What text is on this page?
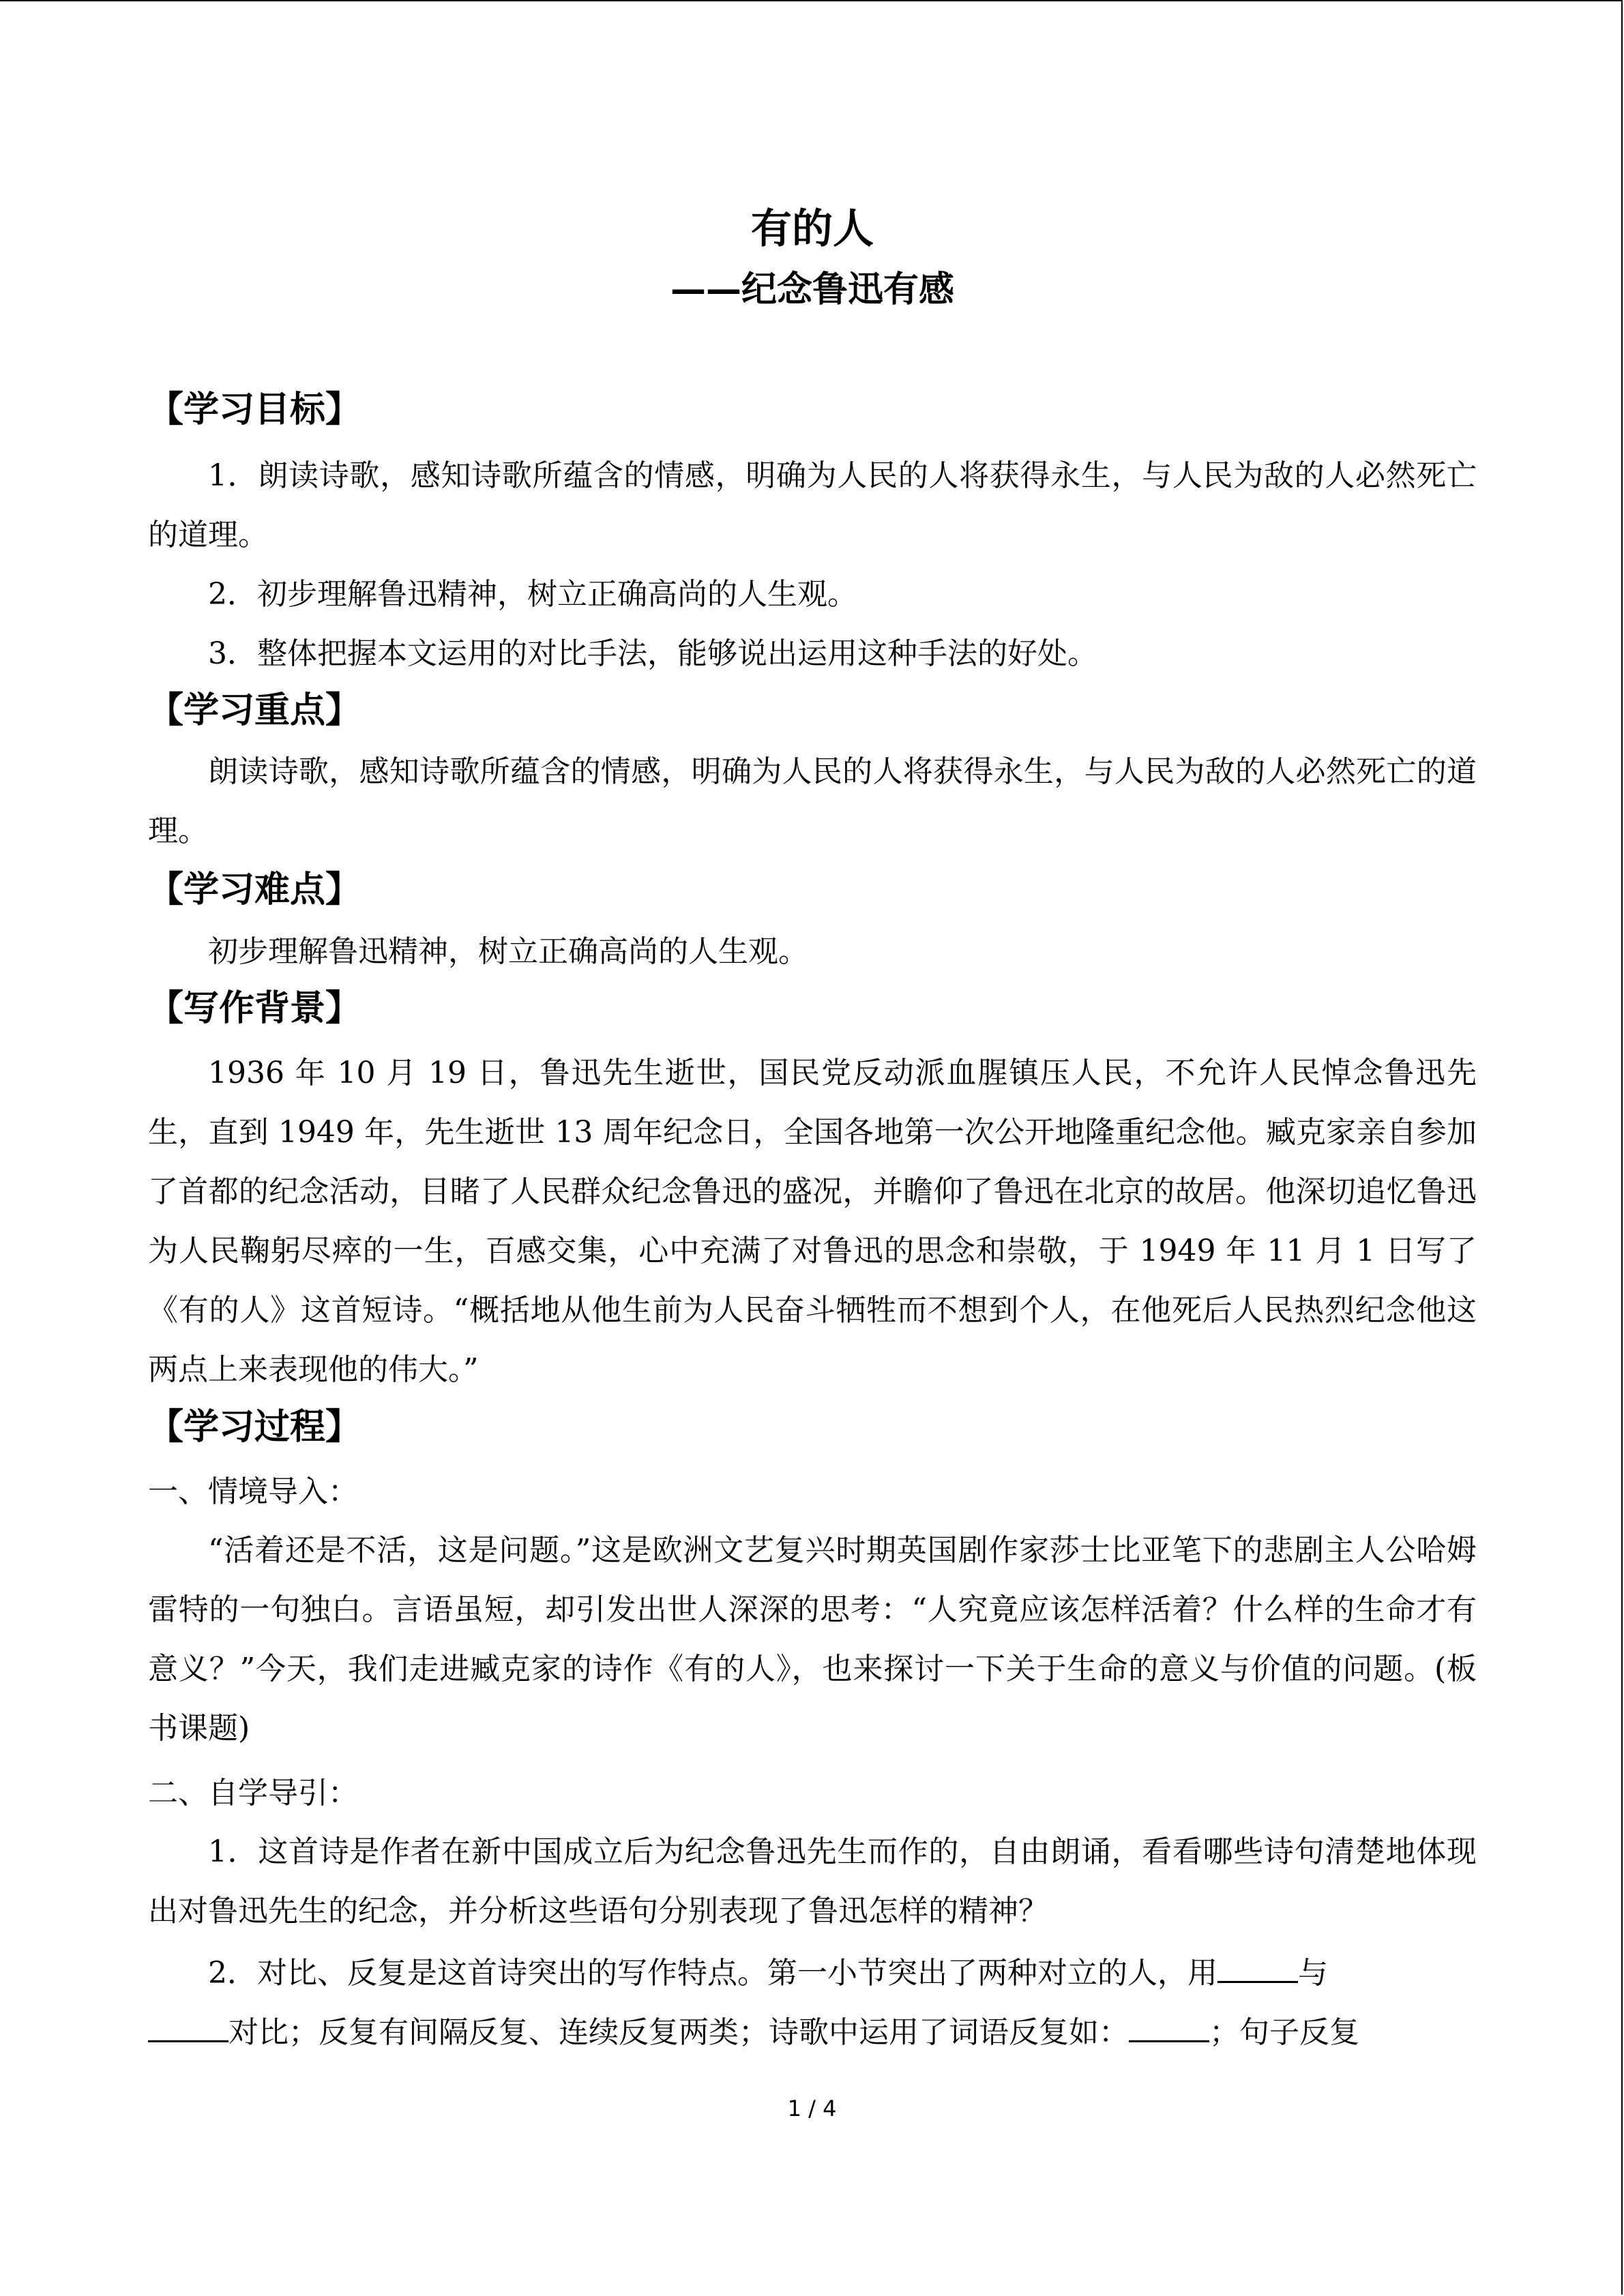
有的人
——纪念鲁迅有感
【学习目标】
1．朗读诗歌，感知诗歌所蕴含的情感，明确为人民的人将获得永生，与人民为敌的人必然死亡的道理。
2．初步理解鲁迅精神，树立正确高尚的人生观。
3．整体把握本文运用的对比手法，能够说出运用这种手法的好处。
【学习重点】
朗读诗歌，感知诗歌所蕴含的情感，明确为人民的人将获得永生，与人民为敌的人必然死亡的道理。
【学习难点】
初步理解鲁迅精神，树立正确高尚的人生观。
【写作背景】
1936 年 10 月 19 日，鲁迅先生逝世，国民党反动派血腥镇压人民，不允许人民悼念鲁迅先生，直到 1949 年，先生逝世 13 周年纪念日，全国各地第一次公开地隆重纪念他。臧克家亲自参加了首都的纪念活动，目睹了人民群众纪念鲁迅的盛况，并瞻仰了鲁迅在北京的故居。他深切追忆鲁迅为人民鞠躬尽瘁的一生，百感交集，心中充满了对鲁迅的思念和崇敬，于 1949 年 11 月 1 日写了《有的人》这首短诗。“概括地从他生前为人民奋斗牺牲而不想到个人，在他死后人民热烈纪念他这两点上来表现他的伟大。”
【学习过程】
一、情境导入：
“活着还是不活，这是问题。”这是欧洲文艺复兴时期英国剧作家莎士比亚笔下的悲剧主人公哈姆雷特的一句独白。言语虽短，却引发出世人深深的思考：“人究竟应该怎样活着？什么样的生命才有意义？”今天，我们走进臧克家的诗作《有的人》，也来探讨一下关于生命的意义与价值的问题。(板书课题)
二、自学导引：
1．这首诗是作者在新中国成立后为纪念鲁迅先生而作的，自由朗诵，看看哪些诗句清楚地体现出对鲁迅先生的纪念，并分析这些语句分别表现了鲁迅怎样的精神？
2．对比、反复是这首诗突出的写作特点。第一小节突出了两种对立的人，用	与
对比；反复有间隔反复、连续反复两类；诗歌中运用了词语反复如：	；句子反复
1 / 4
